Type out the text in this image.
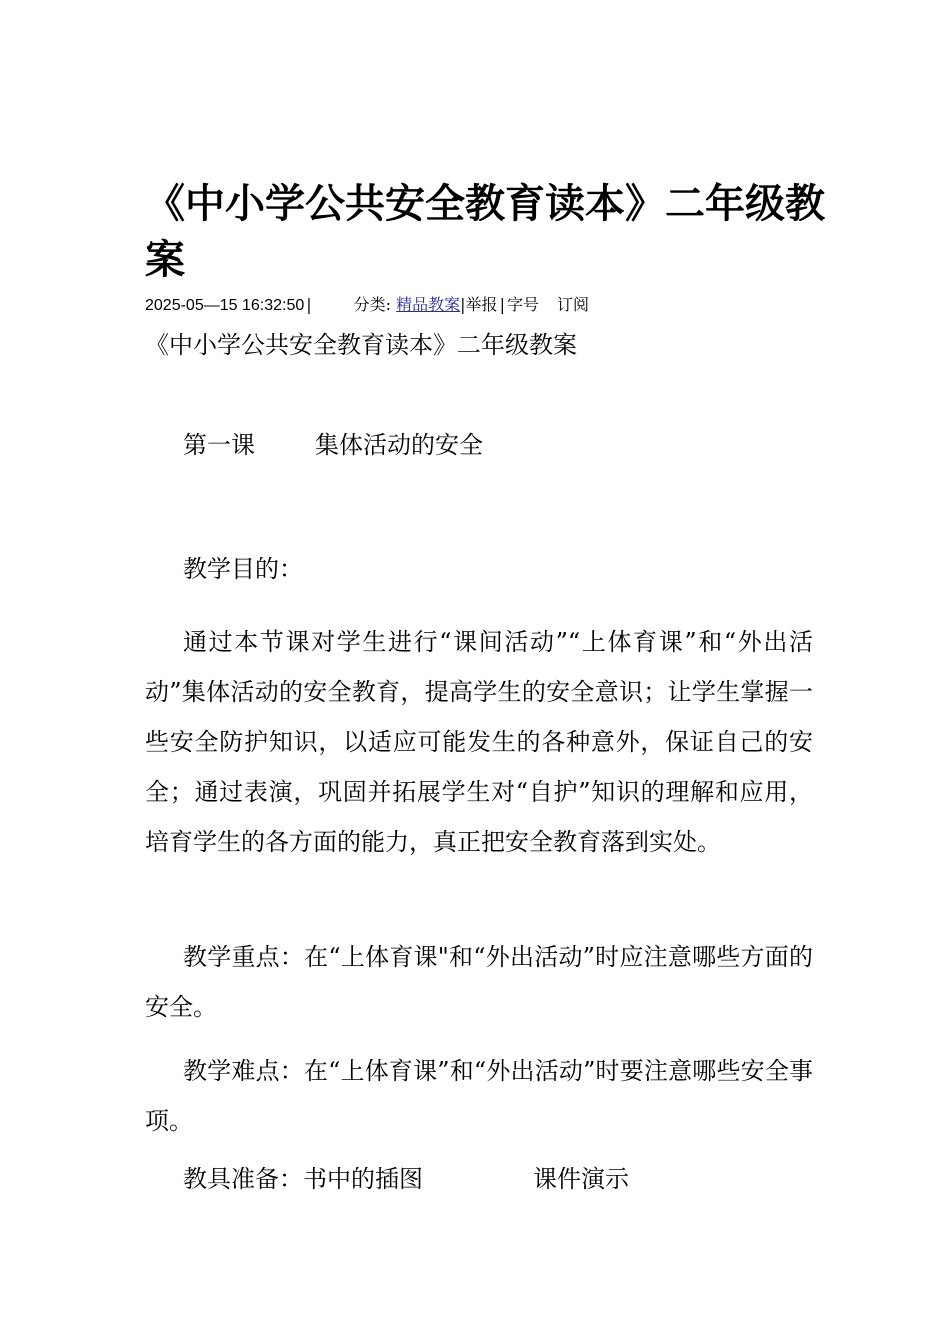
《中小学公共安全教育读本》二年级教案
2025-05—15 16:32:50 |	分类: 精品教案|举报 | 字号 订阅
《中小学公共安全教育读本》二年级教案
第一课	集体活动的安全

教学目的：

通过本节课对学生进行“课间活动”“上体育课”和“外出活动”集体活动的安全教育，提高学生的安全意识；让学生掌握一些安全防护知识，以适应可能发生的各种意外，保证自己的安全；通过表演，巩固并拓展学生对“自护”知识的理解和应用，培育学生的各方面的能力，真正把安全教育落到实处。

教学重点：在“上体育课"和“外出活动”时应注意哪些方面的安全。

教学难点：在“上体育课”和“外出活动”时要注意哪些安全事项。

教具准备：书中的插图	课件演示
